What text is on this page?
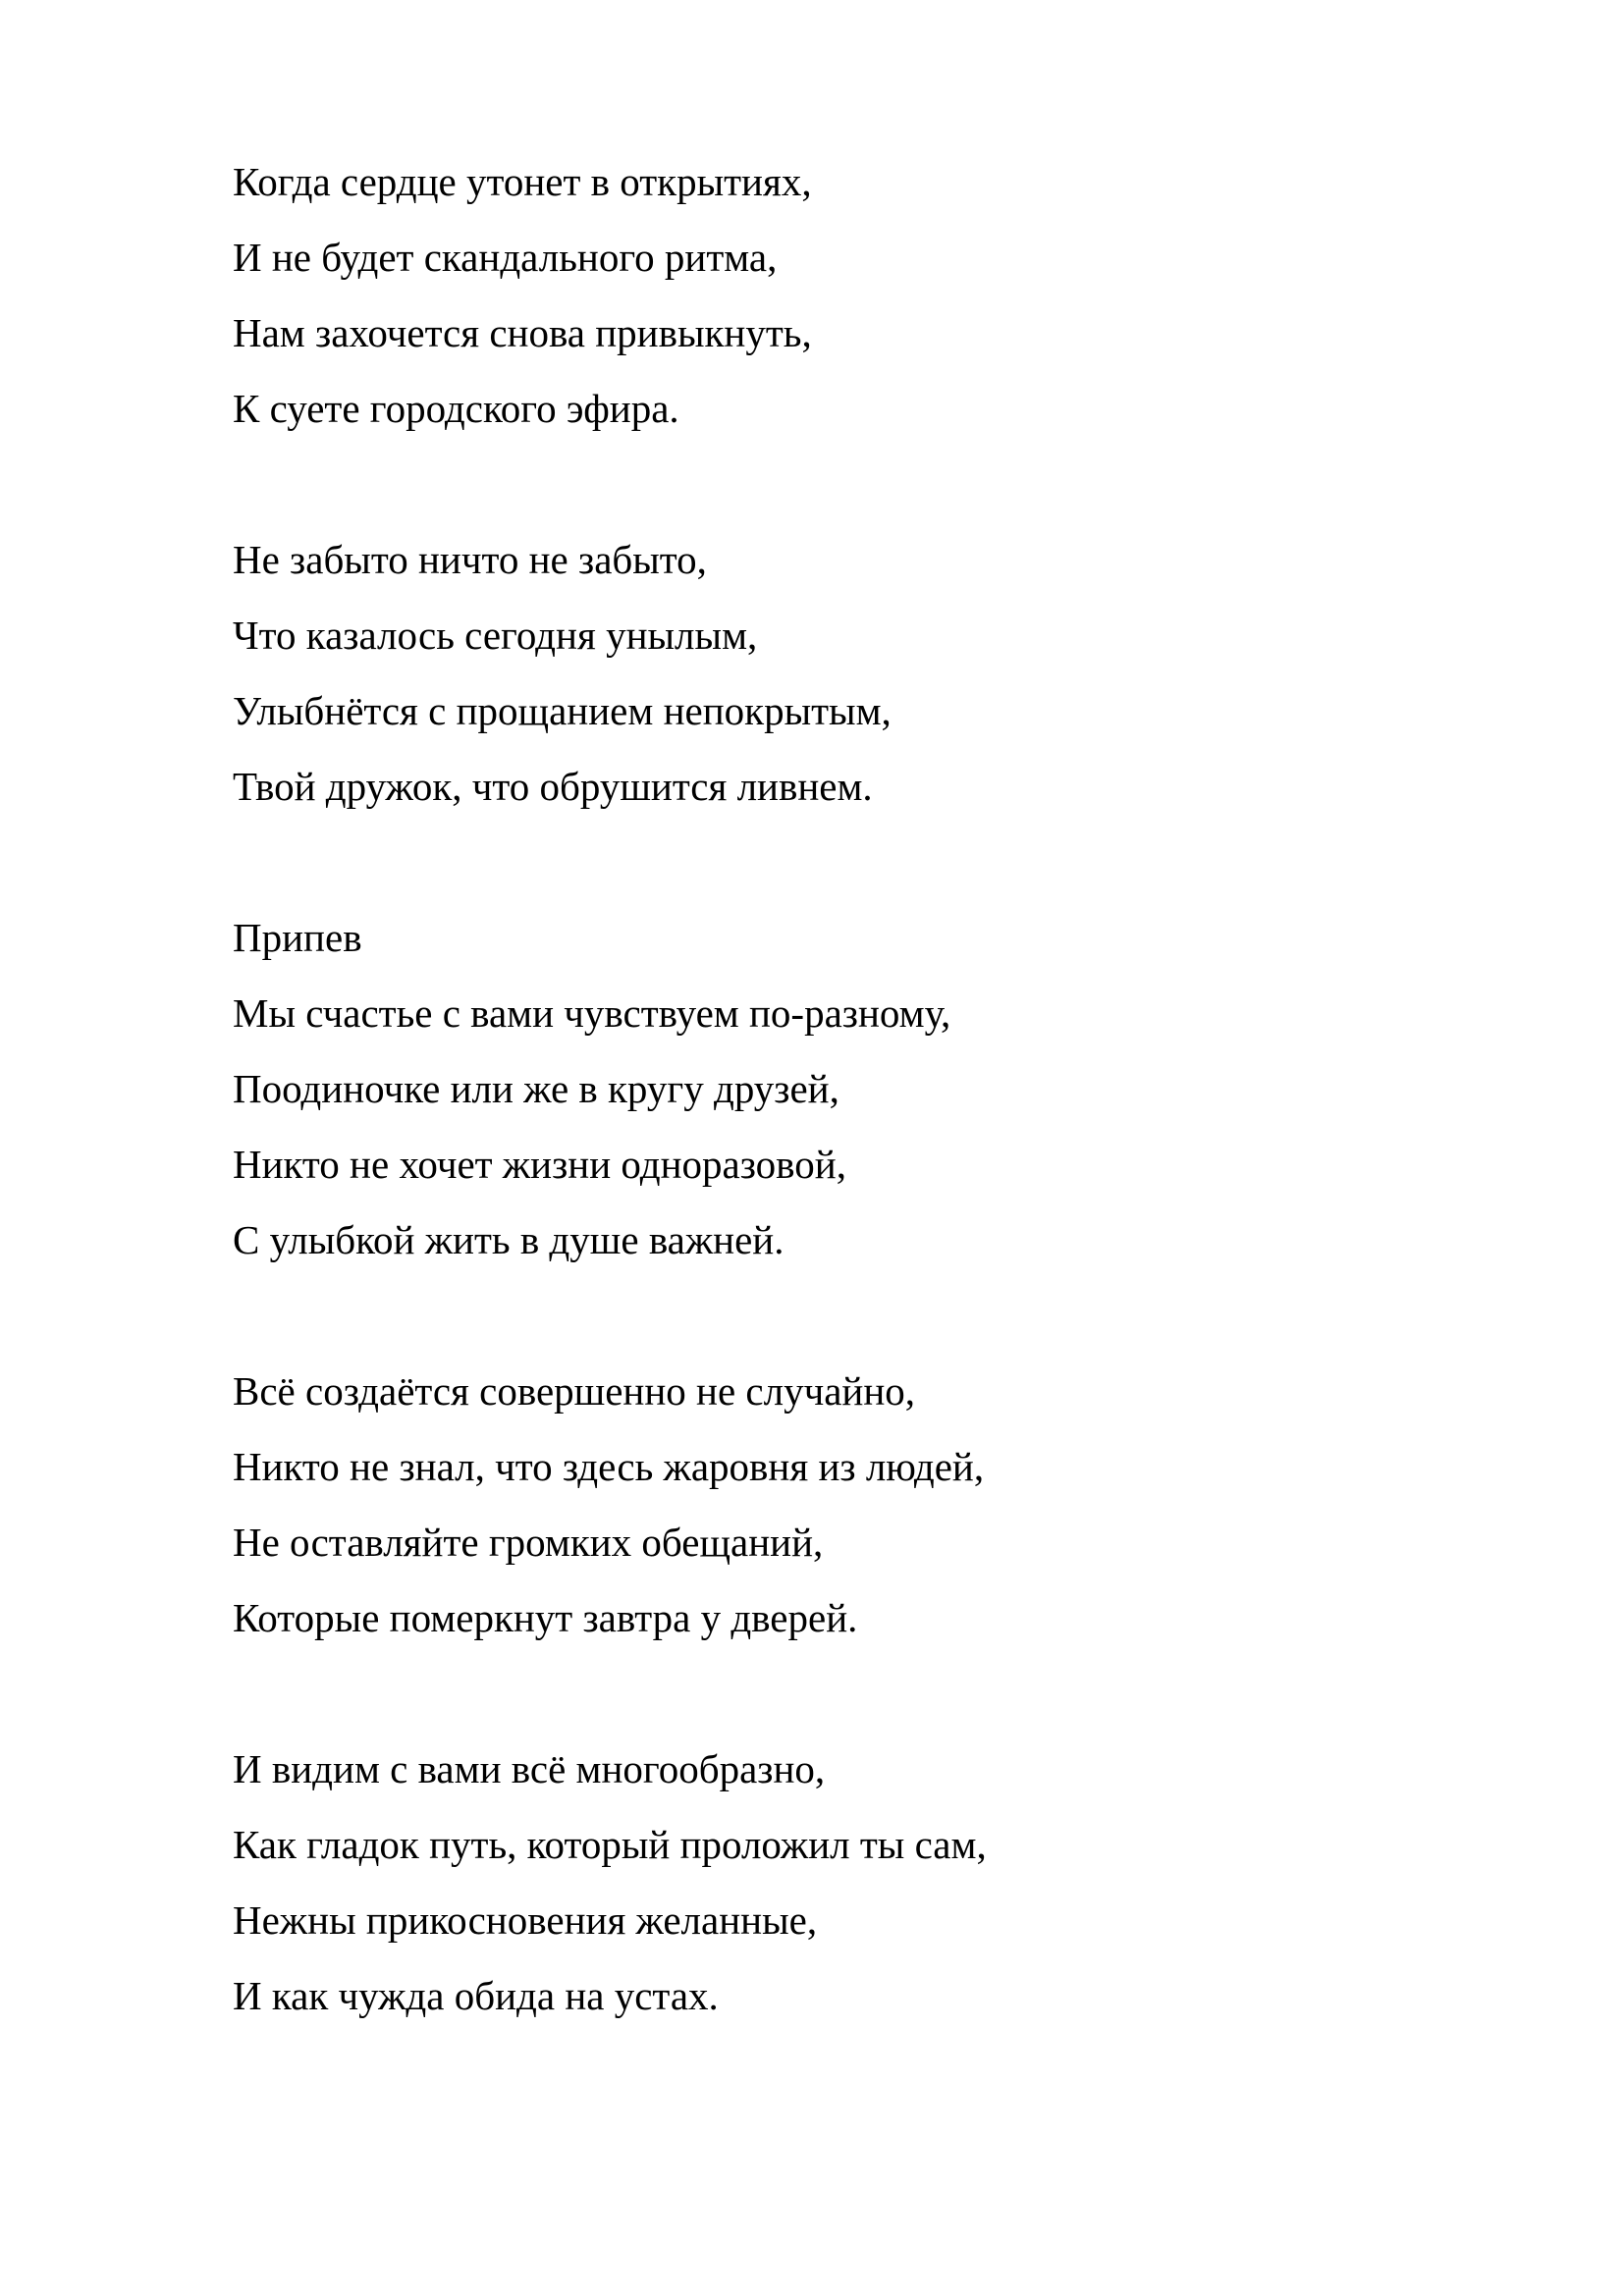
Когда сердце утонет в открытиях,
И не будет скандального ритма,
Нам захочется снова привыкнуть,
К суете городского эфира.
Не забыто ничто не забыто,
Что казалось сегодня унылым,
Улыбнётся с прощанием непокрытым,
Твой дружок, что обрушится ливнем.
Припев
Мы счастье с вами чувствуем по-разному,
Поодиночке или же в кругу друзей,
Никто не хочет жизни одноразовой,
С улыбкой жить в душе важней.
Всё создаётся совершенно не случайно,
Никто не знал, что здесь жаровня из людей,
Не оставляйте громких обещаний,
Которые померкнут завтра у дверей.
И видим с вами всё многообразно,
Как гладок путь, который проложил ты сам,
Нежны прикосновения желанные,
И как чужда обида на устах.
